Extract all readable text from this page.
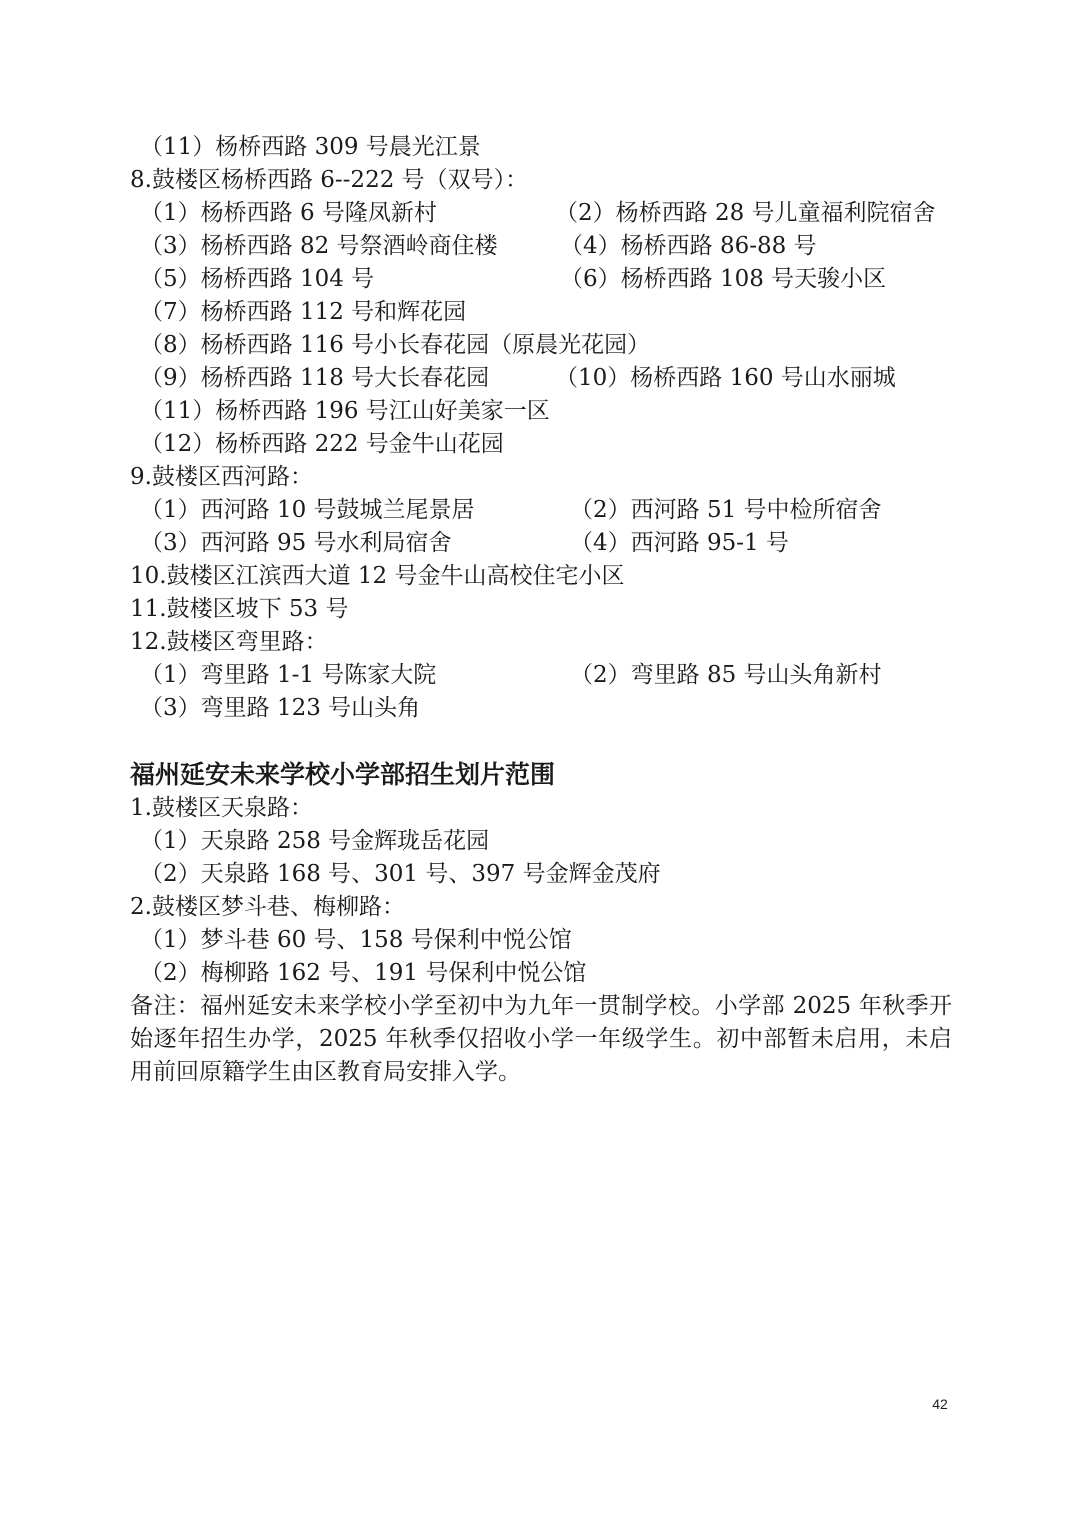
（11）杨桥西路 309 号晨光江景
8.鼓楼区杨桥西路 6--222 号（双号）：
（1）杨桥西路 6 号隆凤新村	（2）杨桥西路 28 号儿童福利院宿舍
（3）杨桥西路 82 号祭酒岭商住楼	（4）杨桥西路 86-88 号
（5）杨桥西路 104 号	（6）杨桥西路 108 号天骏小区
（7）杨桥西路 112 号和辉花园
（8）杨桥西路 116 号小长春花园（原晨光花园）
（9）杨桥西路 118 号大长春花园	（10）杨桥西路 160 号山水丽城
（11）杨桥西路 196 号江山好美家一区
（12）杨桥西路 222 号金牛山花园
9.鼓楼区西河路：
（1）西河路 10 号鼓城兰尾景居	（2）西河路 51 号中检所宿舍
（3）西河路 95 号水利局宿舍	（4）西河路 95-1 号
10.鼓楼区江滨西大道 12 号金牛山高校住宅小区
11.鼓楼区坡下 53 号
12.鼓楼区弯里路：
（1）弯里路 1-1 号陈家大院	（2）弯里路 85 号山头角新村
（3）弯里路 123 号山头角
福州延安未来学校小学部招生划片范围
1.鼓楼区天泉路：
（1）天泉路 258 号金辉珑岳花园
（2）天泉路 168 号、301 号、397 号金辉金茂府
2.鼓楼区梦斗巷、梅柳路：
（1）梦斗巷 60 号、158 号保利中悦公馆
（2）梅柳路 162 号、191 号保利中悦公馆
备注：福州延安未来学校小学至初中为九年一贯制学校。小学部 2025 年秋季开始逐年招生办学，2025 年秋季仅招收小学一年级学生。初中部暂未启用，未启用前回原籍学生由区教育局安排入学。
42
